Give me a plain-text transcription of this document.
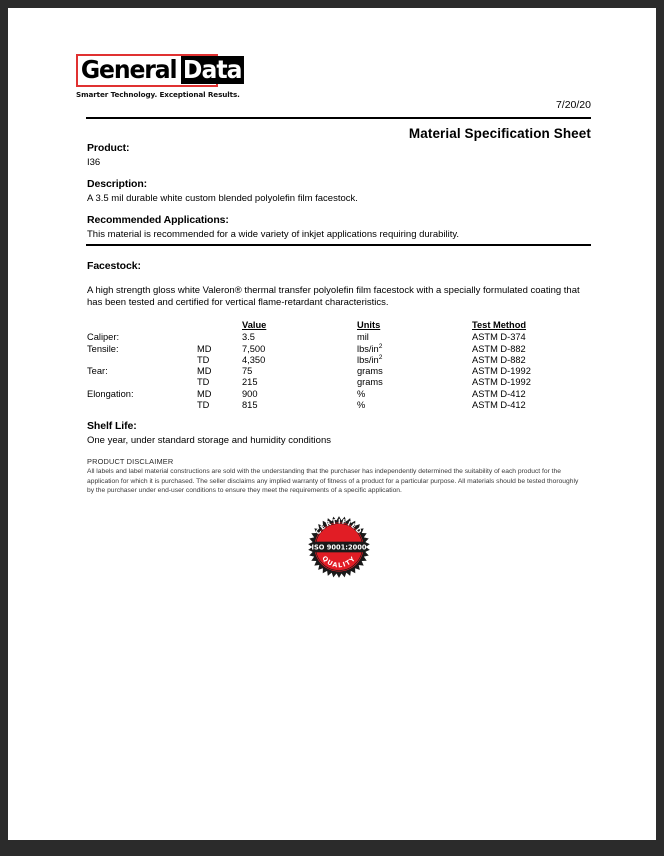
General Data
Smarter Technology. Exceptional Results.
7/20/20
Material Specification Sheet

Product:

I36

Description:

A 3.5 mil durable white custom blended polyolefin film facestock.

Recommended Applications:

This material is recommended for a wide variety of inkjet applications requiring durability.

Facestock:

A high strength gloss white Valeron® thermal transfer polyolefin film facestock with a specially formulated coating that has been tested and certified for vertical flame-retardant characteristics.

		Value	Units	Test Method
Caliper:		3.5	mil	ASTM D-374
Tensile:	MD	7,500	lbs/$in^2$	ASTM D-882
	TD	4,350	lbs/$in^2$	ASTM D-882
Tear:	MD	75	grams	ASTM D-1992
	TD	215	grams	ASTM D-1992
Elongation:	MD	900	%	ASTM D-412
	TD	815	%	ASTM D-412

Shelf Life:

One year, under standard storage and humidity conditions

PRODUCT DISCLAIMER

All labels and label material constructions are sold with the understanding that the purchaser has independently determined the suitability of each product for the application for which it is purchased. The seller disclaims any implied warranty of fitness of a product for a particular purpose. All materials should be tested thoroughly by the purchaser under end-user conditions to ensure they meet the requirements of a specific application.

ISO 9001:2000
CERTIFIED
QUALITY
